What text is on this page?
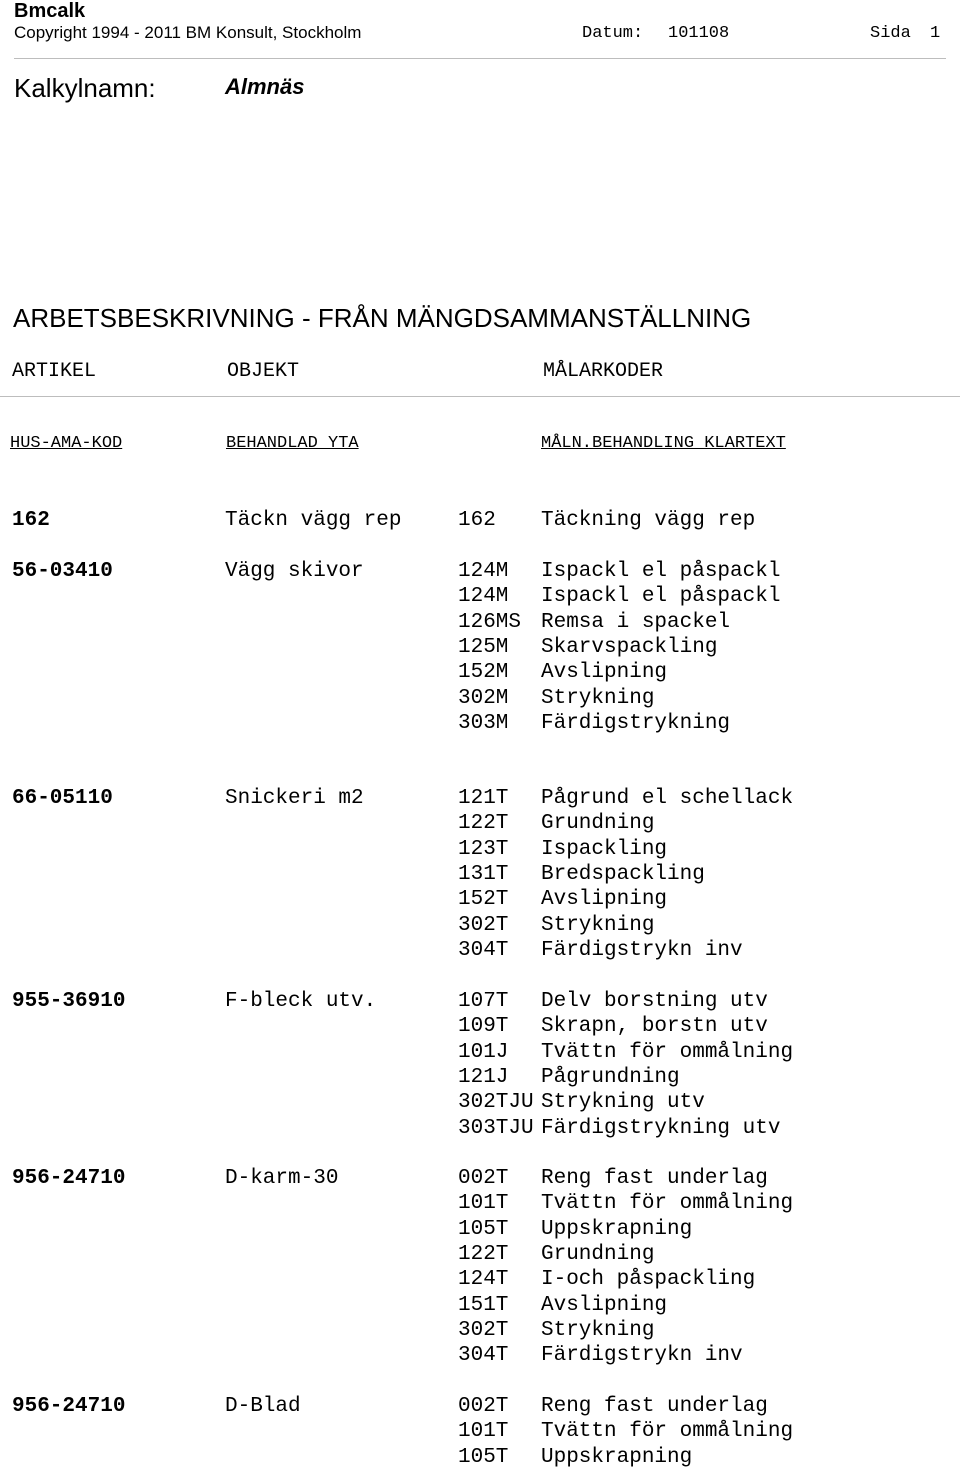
Bmcalk
Copyright 1994 - 2011 BM Konsult, Stockholm	Datum: 101108	Sida 1
Kalkylnamn:	Almnäs
ARBETSBESKRIVNING - FRÅN MÄNGDSAMMANSTÄLLNING
ARTIKEL	OBJEKT	MÅLARKODER
HUS-AMA-KOD	BEHANDLAD YTA	MÅLN.BEHANDLING KLARTEXT
162	Täckn vägg rep	162 Täckning vägg rep
56-03410	Vägg skivor	124M Ispackl el påspackl
124M Ispackl el påspackl
126MS Remsa i spackel
125M Skarvspackling
152M Avslipning
302M Strykning
303M Färdigstrykning
66-05110	Snickeri m2	121T Pågrund el schellack
122T Grundning
123T Ispackling
131T Bredspackling
152T Avslipning
302T Strykning
304T Färdigstrykn inv
955-36910	F-bleck utv.	107T Delv borstning utv
109T Skrapn, borstn utv
101J Tvättn för ommålning
121J Pågrundning
302TJU Strykning utv
303TJU Färdigstrykning utv
956-24710	D-karm-30	002T Reng fast underlag
101T Tvättn för ommålning
105T Uppskrapning
122T Grundning
124T I-och påspackling
151T Avslipning
302T Strykning
304T Färdigstrykn inv
956-24710	D-Blad	002T Reng fast underlag
101T Tvättn för ommålning
105T Uppskrapning
